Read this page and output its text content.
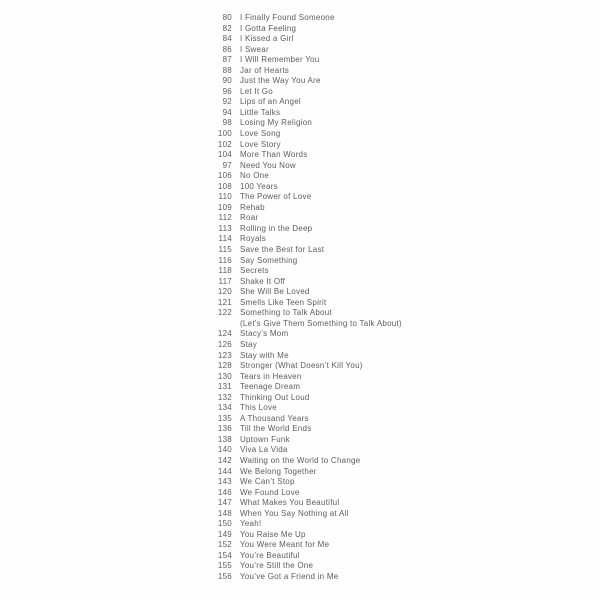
80 I Finally Found Someone
82 I Gotta Feeling
84 I Kissed a Girl
86 I Swear
87 I Will Remember You
88 Jar of Hearts
90 Just the Way You Are
96 Let It Go
92 Lips of an Angel
94 Little Talks
98 Losing My Religion
100 Love Song
102 Love Story
104 More Than Words
97 Need You Now
106 No One
108 100 Years
110 The Power of Love
109 Rehab
112 Roar
113 Rolling in the Deep
114 Royals
115 Save the Best for Last
116 Say Something
118 Secrets
117 Shake It Off
120 She Will Be Loved
121 Smells Like Teen Spirit
122 Something to Talk About
(Let’s Give Them Something to Talk About)
124 Stacy’s Mom
126 Stay
123 Stay with Me
128 Stronger (What Doesn’t Kill You)
130 Tears in Heaven
131 Teenage Dream
132 Thinking Out Loud
134 This Love
135 A Thousand Years
136 Till the World Ends
138 Uptown Funk
140 Viva La Vida
142 Waiting on the World to Change
144 We Belong Together
143 We Can’t Stop
146 We Found Love
147 What Makes You Beautiful
148 When You Say Nothing at All
150 Yeah!
149 You Raise Me Up
152 You Were Meant for Me
154 You’re Beautiful
155 You’re Still the One
156 You’ve Got a Friend in Me
